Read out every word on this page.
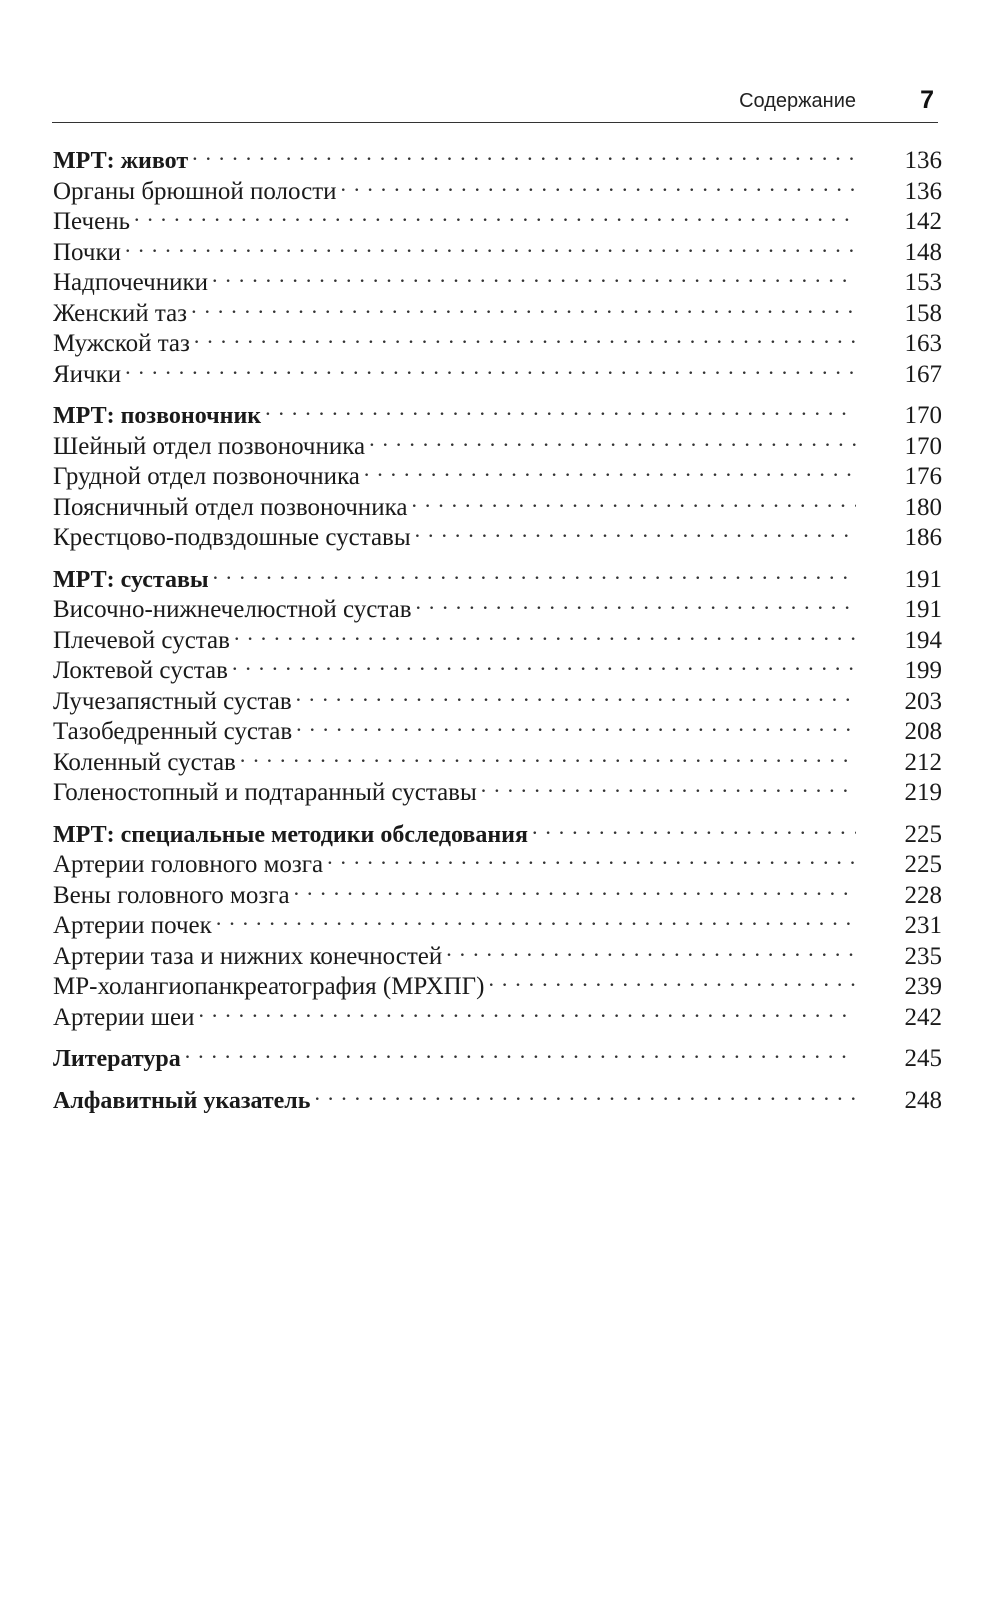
Содержание	7
МРТ: живот . . .	136
Органы брюшной полости . . .	136
Печень . . .	142
Почки . . .	148
Надпочечники . . .	153
Женский таз . . .	158
Мужской таз . . .	163
Яички . . .	167
МРТ: позвоночник . . .	170
Шейный отдел позвоночника . . .	170
Грудной отдел позвоночника . . .	176
Поясничный отдел позвоночника . . .	180
Крестцово-подвздошные суставы . . .	186
МРТ: суставы . . .	191
Височно-нижнечелюстной сустав . . .	191
Плечевой сустав . . .	194
Локтевой сустав . . .	199
Лучезапястный сустав . . .	203
Тазобедренный сустав . . .	208
Коленный сустав . . .	212
Голеностопный и подтаранный суставы . . .	219
МРТ: специальные методики обследования . . .	225
Артерии головного мозга . . .	225
Вены головного мозга . . .	228
Артерии почек . . .	231
Артерии таза и нижних конечностей . . .	235
МР-холангиопанкреатография (МРХПГ) . . .	239
Артерии шеи . . .	242
Литература . . .	245
Алфавитный указатель . . .	248
